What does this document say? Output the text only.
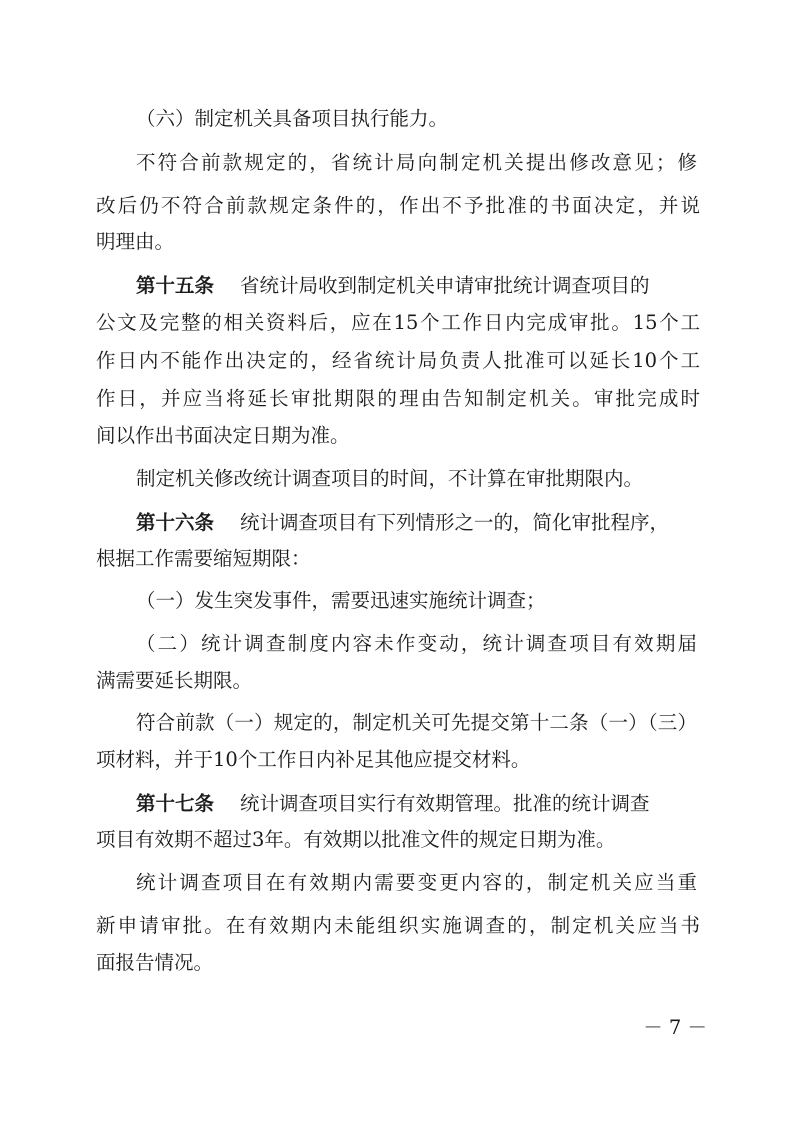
（六）制定机关具备项目执行能力。
不符合前款规定的，省统计局向制定机关提出修改意见；修
改后仍不符合前款规定条件的，作出不予批准的书面决定，并说
明理由。
第十五条 省统计局收到制定机关申请审批统计调查项目的
公文及完整的相关资料后，应在15个工作日内完成审批。15个工
作日内不能作出决定的，经省统计局负责人批准可以延长10个工
作日，并应当将延长审批期限的理由告知制定机关。审批完成时
间以作出书面决定日期为准。
制定机关修改统计调查项目的时间，不计算在审批期限内。
第十六条 统计调查项目有下列情形之一的，简化审批程序，
根据工作需要缩短期限：
（一）发生突发事件，需要迅速实施统计调查；
（二）统计调查制度内容未作变动，统计调查项目有效期届
满需要延长期限。
符合前款（一）规定的，制定机关可先提交第十二条（一）（三）
项材料，并于10个工作日内补足其他应提交材料。
第十七条 统计调查项目实行有效期管理。批准的统计调查
项目有效期不超过3年。有效期以批准文件的规定日期为准。
统计调查项目在有效期内需要变更内容的，制定机关应当重
新申请审批。在有效期内未能组织实施调查的，制定机关应当书
面报告情况。
－ 7 －
